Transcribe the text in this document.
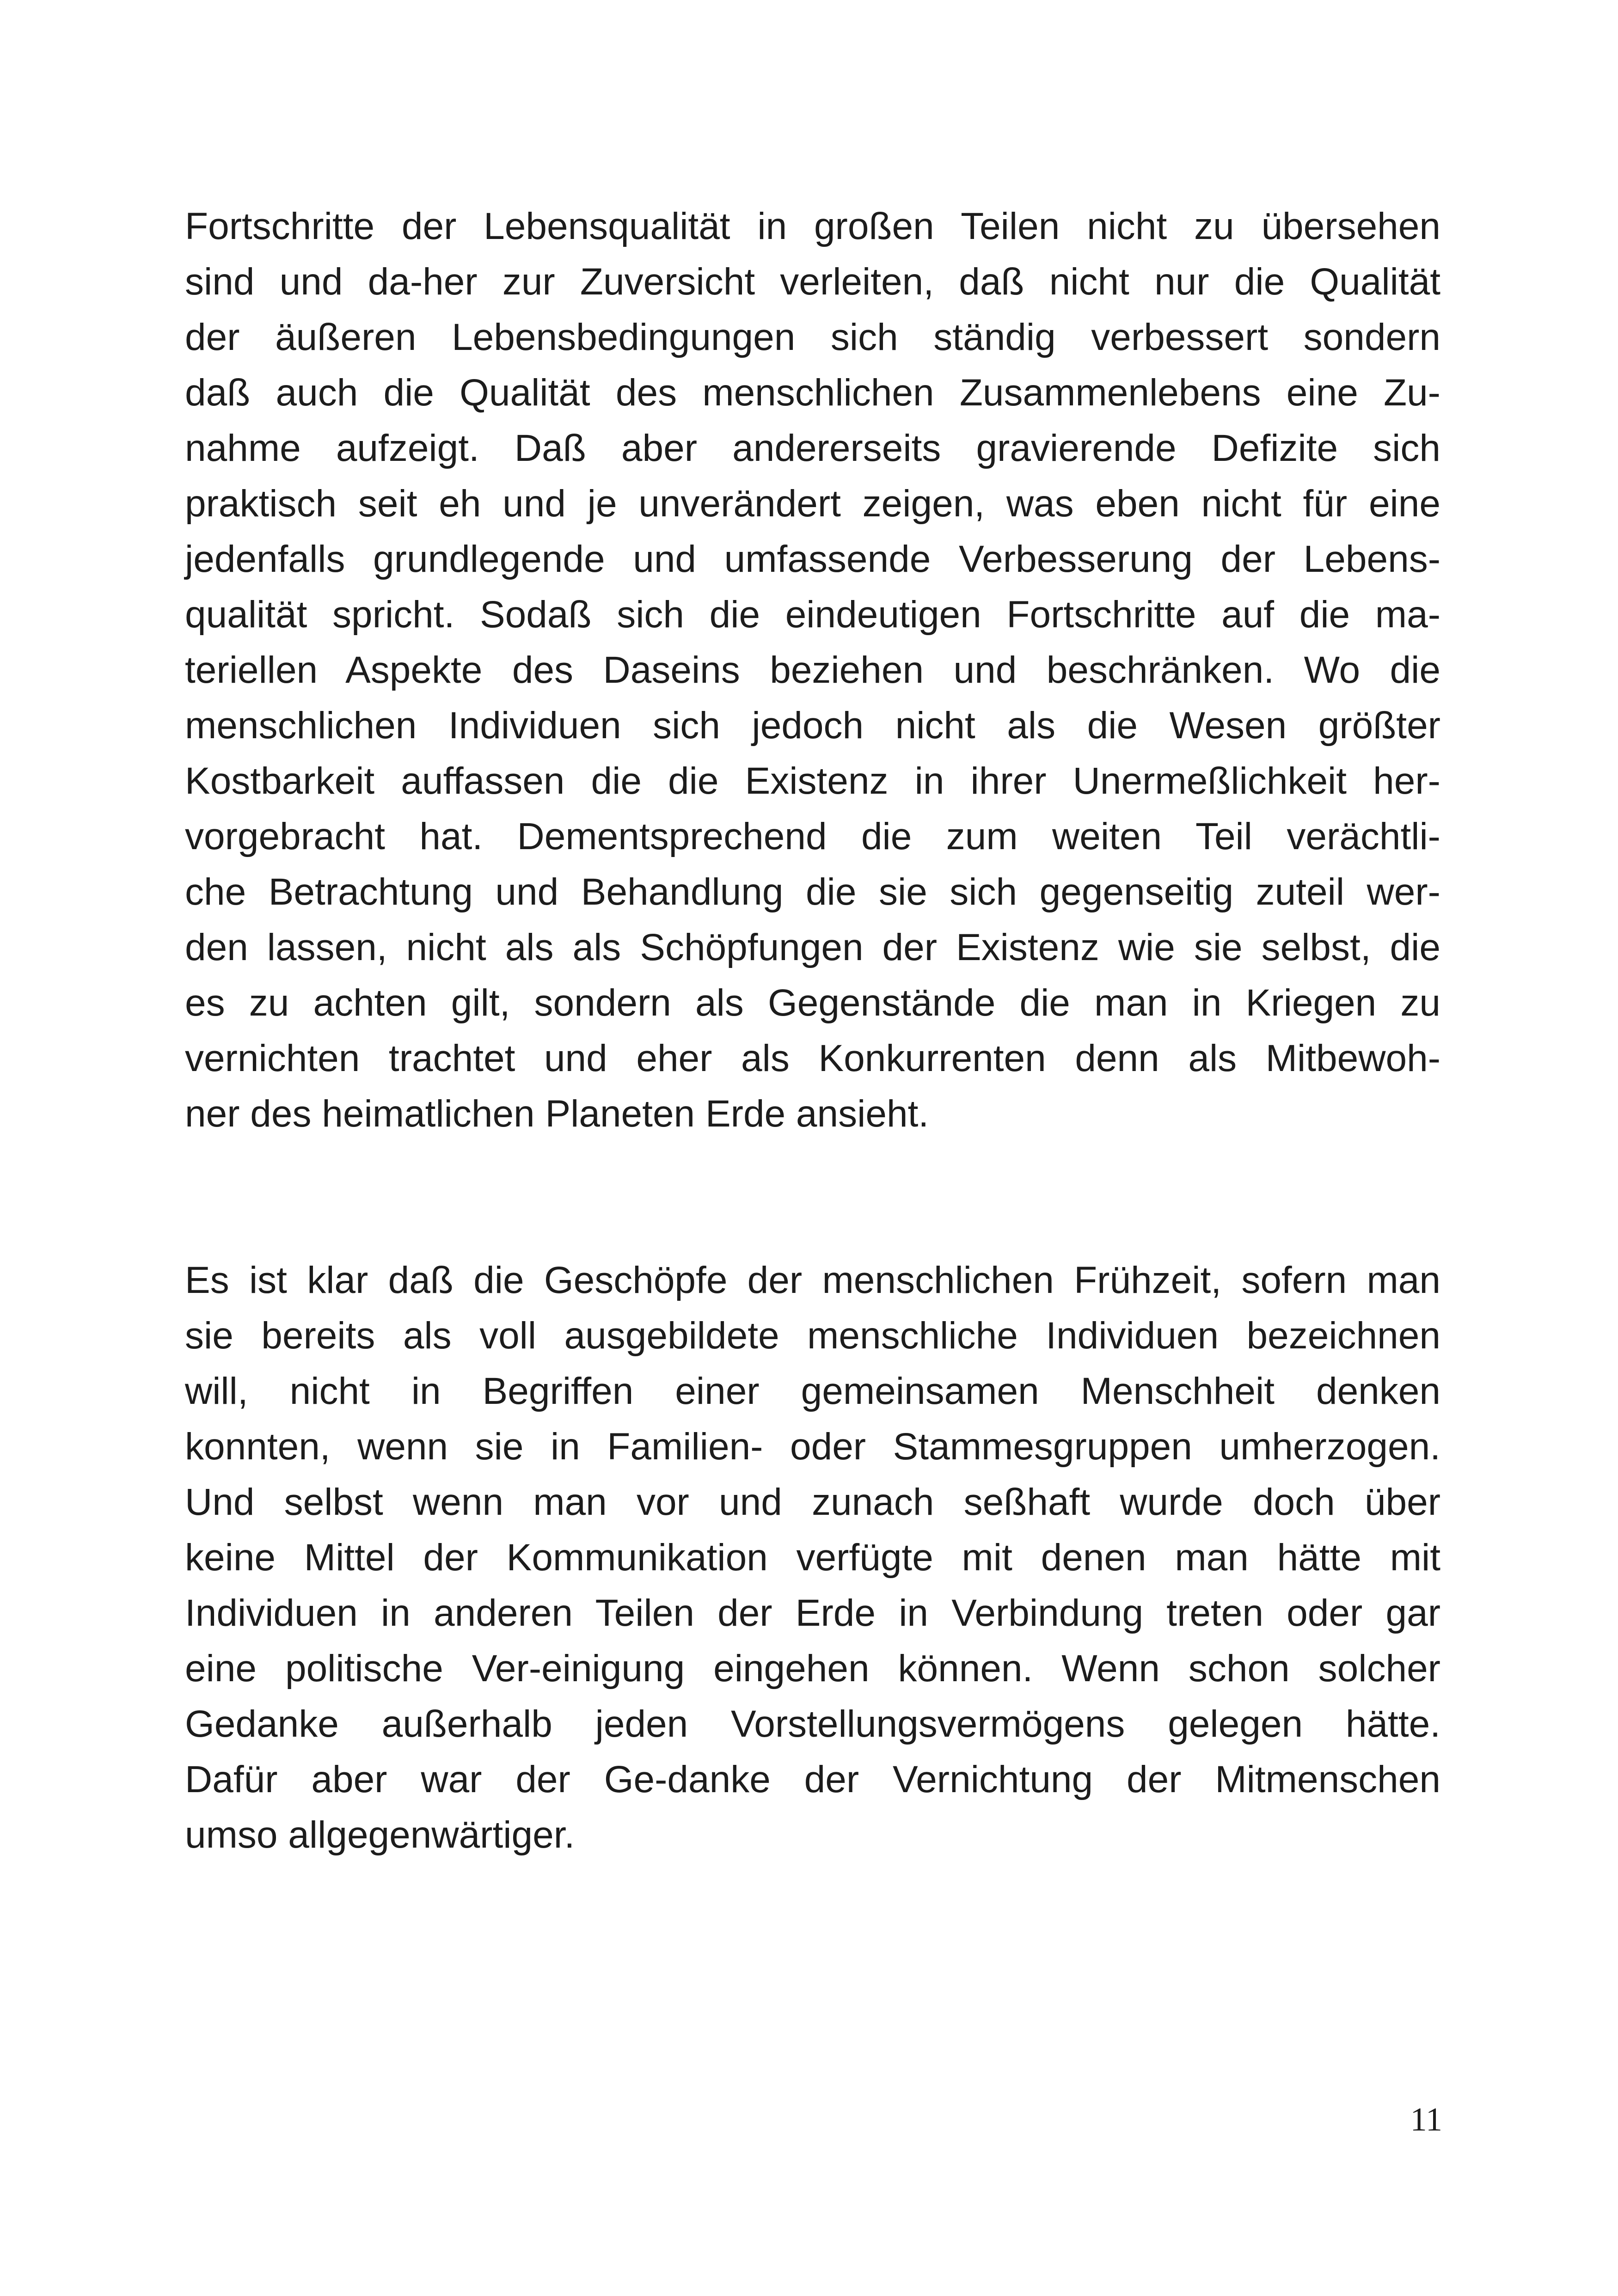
Fortschritte der Lebensqualität in großen Teilen nicht zu übersehen
sind und da-her zur Zuversicht verleiten, daß nicht nur die Qualität
der äußeren Lebensbedingungen sich ständig verbessert sondern
daß auch die Qualität des menschlichen Zusammenlebens eine Zu-
nahme aufzeigt. Daß aber andererseits gravierende Defizite sich
praktisch seit eh und je unverändert zeigen, was eben nicht für eine
jedenfalls grundlegende und umfassende Verbesserung der Lebens-
qualität spricht. Sodaß sich die eindeutigen Fortschritte auf die ma-
teriellen Aspekte des Daseins beziehen und beschränken. Wo die
menschlichen Individuen sich jedoch nicht als die Wesen größter
Kostbarkeit auffassen die die Existenz in ihrer Unermeßlichkeit her-
vorgebracht hat. Dementsprechend die zum weiten Teil verächtli-
che Betrachtung und Behandlung die sie sich gegenseitig zuteil wer-
den lassen, nicht als als Schöpfungen der Existenz wie sie selbst, die
es zu achten gilt, sondern als Gegenstände die man in Kriegen zu
vernichten trachtet und eher als Konkurrenten denn als Mitbewoh-
ner des heimatlichen Planeten Erde ansieht.
Es ist klar daß die Geschöpfe der menschlichen Frühzeit, sofern man
sie bereits als voll ausgebildete menschliche Individuen bezeichnen
will, nicht in Begriffen einer gemeinsamen Menschheit denken
konnten, wenn sie in Familien- oder Stammesgruppen umherzogen.
Und selbst wenn man vor und zunach seßhaft wurde doch über
keine Mittel der Kommunikation verfügte mit denen man hätte mit
Individuen in anderen Teilen der Erde in Verbindung treten oder gar
eine politische Ver-einigung eingehen können. Wenn schon solcher
Gedanke außerhalb jeden Vorstellungsvermögens gelegen hätte.
Dafür aber war der Ge-danke der Vernichtung der Mitmenschen
umso allgegenwärtiger.
11
